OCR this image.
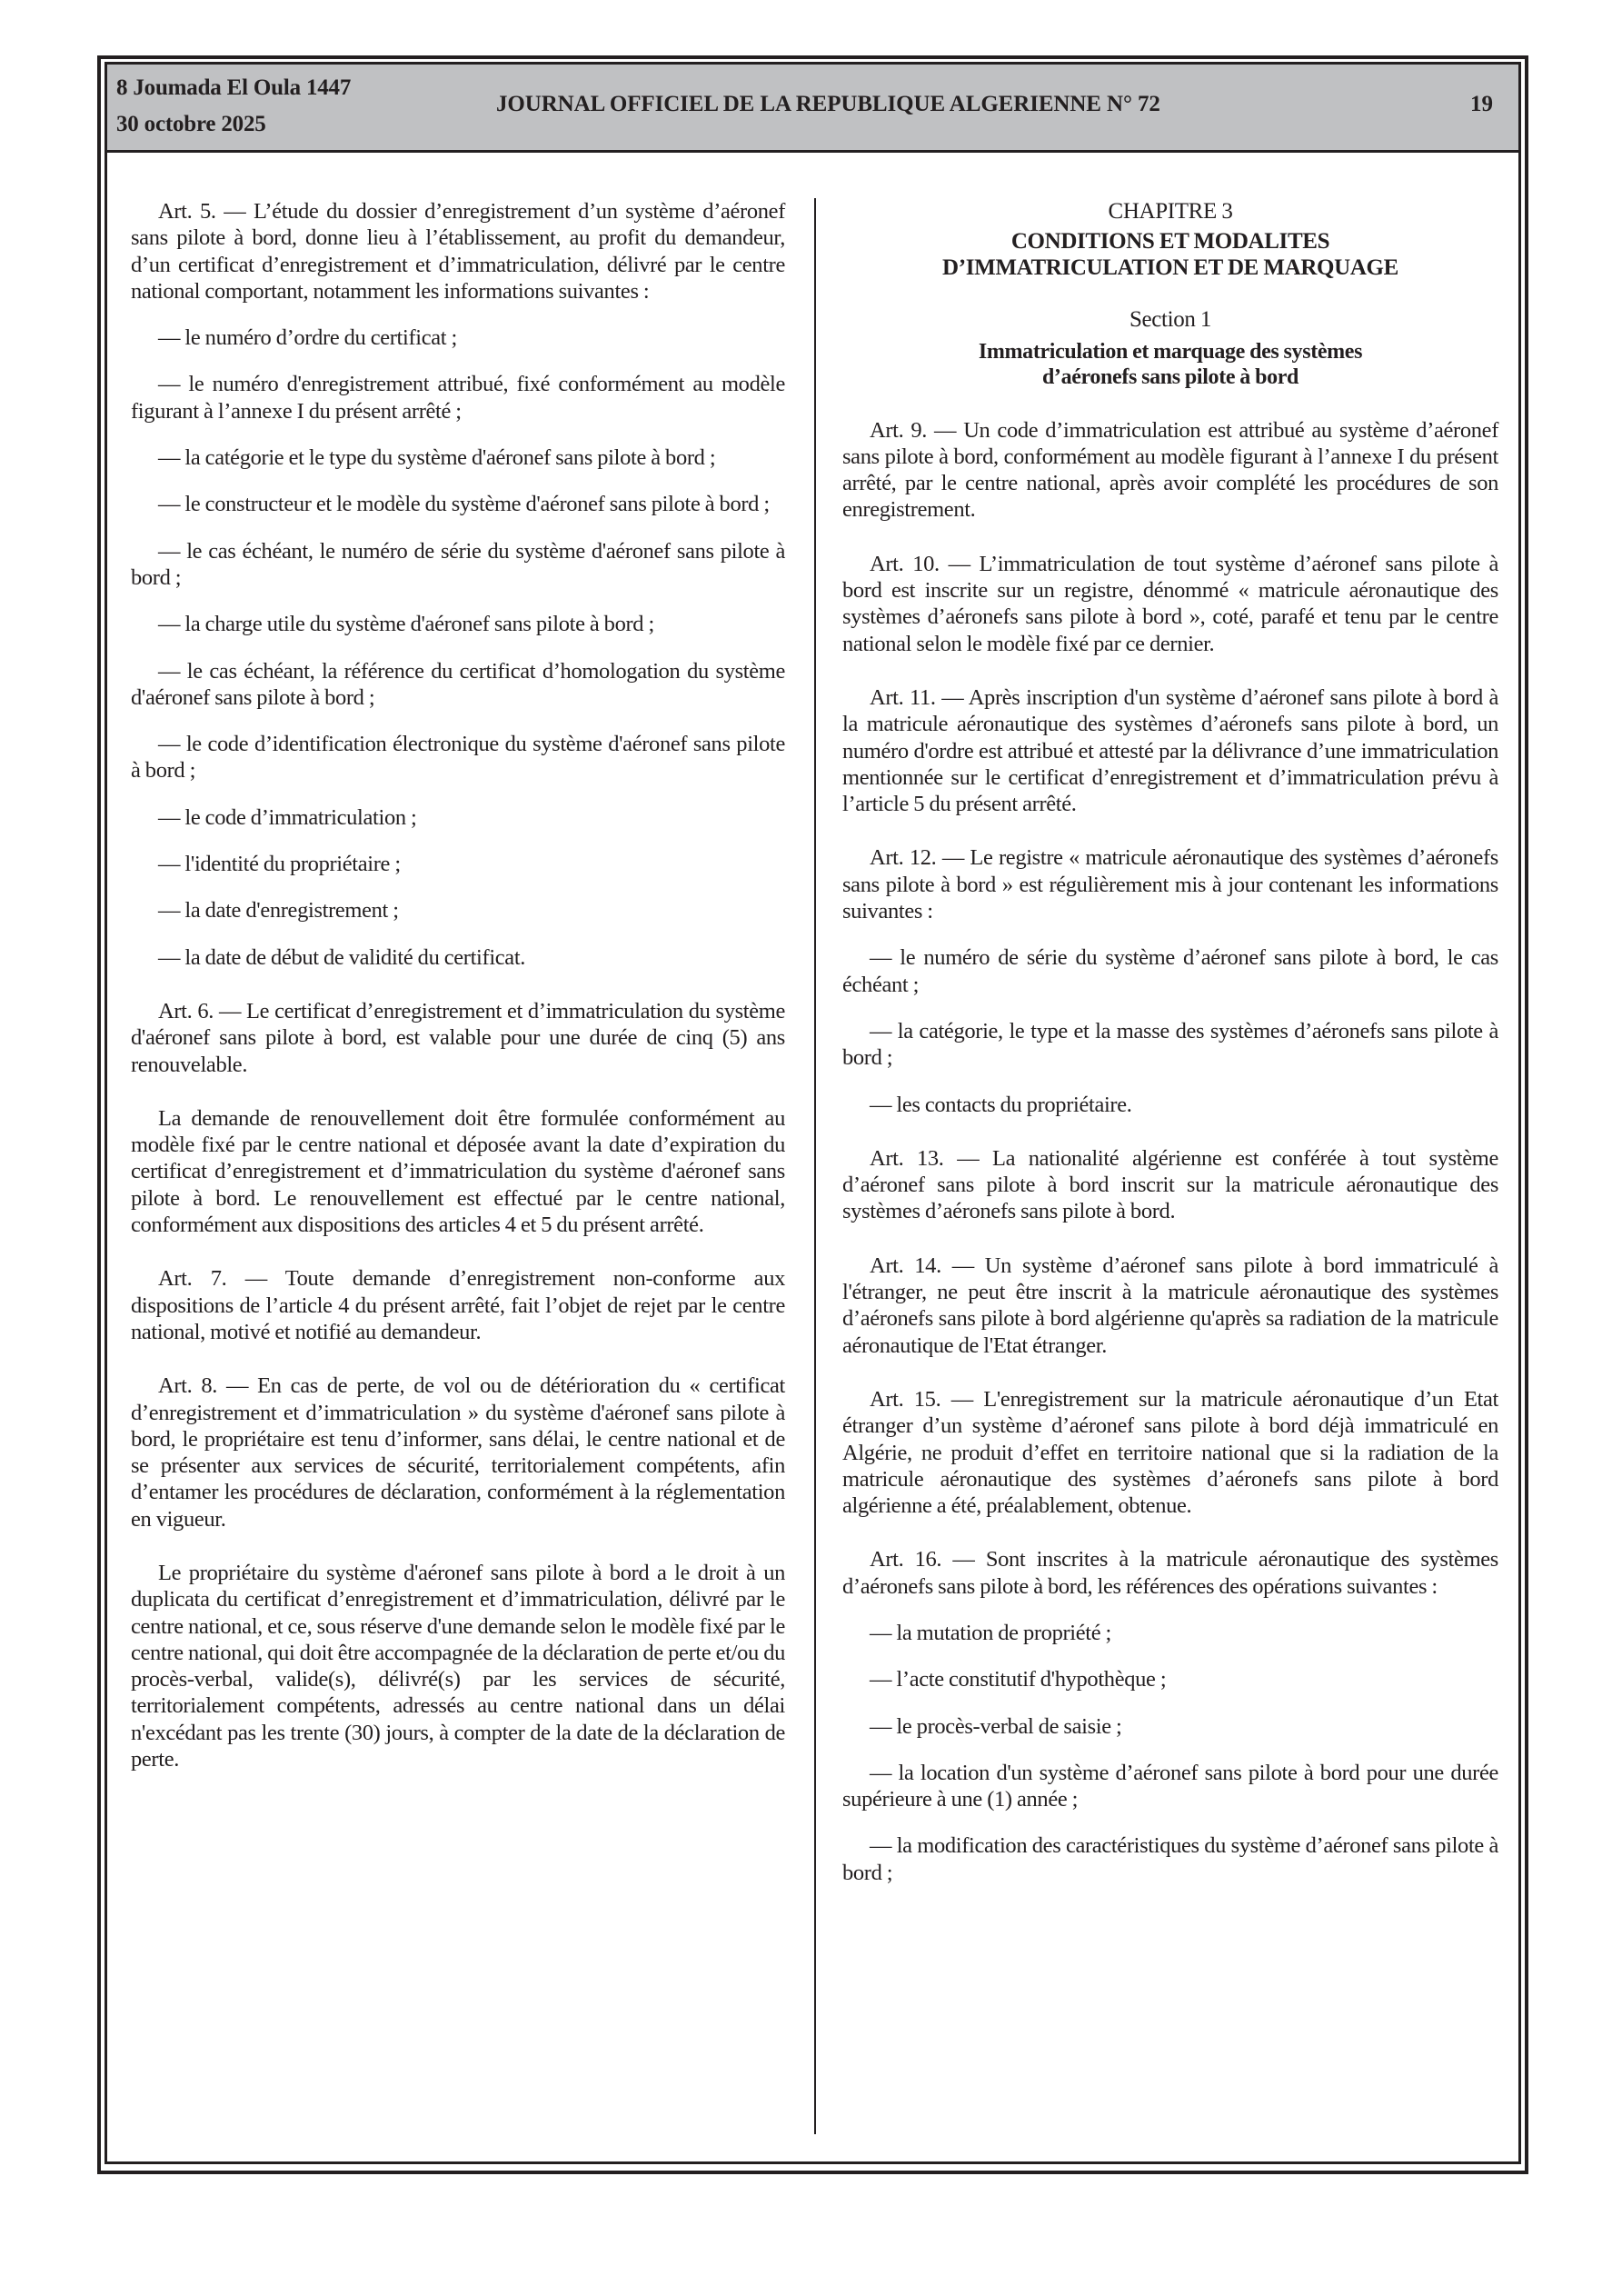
8 Joumada El Oula 1447
30 octobre 2025
JOURNAL OFFICIEL DE LA REPUBLIQUE ALGERIENNE N° 72	19

Art. 5. — L’étude du dossier d’enregistrement d’un système d’aéronef sans pilote à bord, donne lieu à l’établissement, au profit du demandeur, d’un certificat d’enregistrement et d’immatriculation, délivré par le centre national comportant, notamment les informations suivantes :

— le numéro d’ordre du certificat ;

— le numéro d'enregistrement attribué, fixé conformément au modèle figurant à l’annexe I du présent arrêté ;

— la catégorie et le type du système d'aéronef sans pilote à bord ;

— le constructeur et le modèle du système d'aéronef sans pilote à bord ;

— le cas échéant, le numéro de série du système d'aéronef sans pilote à bord ;

— la charge utile du système d'aéronef sans pilote à bord ;

— le cas échéant, la référence du certificat d’homologation du système d'aéronef sans pilote à bord ;

— le code d’identification électronique du système d'aéronef sans pilote à bord ;

— le code d’immatriculation ;

— l'identité du propriétaire ;

— la date d'enregistrement ;

— la date de début de validité du certificat.

Art. 6. — Le certificat d’enregistrement et d’immatriculation du système d'aéronef sans pilote à bord, est valable pour une durée de cinq (5) ans renouvelable.

La demande de renouvellement doit être formulée conformément au modèle fixé par le centre national et déposée avant la date d’expiration du certificat d’enregistrement et d’immatriculation du système d'aéronef sans pilote à bord. Le renouvellement est effectué par le centre national, conformément aux dispositions des articles 4 et 5 du présent arrêté.

Art. 7. — Toute demande d’enregistrement non-conforme aux dispositions de l’article 4 du présent arrêté, fait l’objet de rejet par le centre national, motivé et notifié au demandeur.

Art. 8. — En cas de perte, de vol ou de détérioration du « certificat d’enregistrement et d’immatriculation » du système d'aéronef sans pilote à bord, le propriétaire est tenu d’informer, sans délai, le centre national et de se présenter aux services de sécurité, territorialement compétents, afin d’entamer les procédures de déclaration, conformément à la réglementation en vigueur.

Le propriétaire du système d'aéronef sans pilote à bord a le droit à un duplicata du certificat d’enregistrement et d’immatriculation, délivré par le centre national, et ce, sous réserve d'une demande selon le modèle fixé par le centre national, qui doit être accompagnée de la déclaration de perte et/ou du procès-verbal, valide(s), délivré(s) par les services de sécurité, territorialement compétents, adressés au centre national dans un délai n'excédant pas les trente (30) jours, à compter de la date de la déclaration de perte.

CHAPITRE 3

CONDITIONS ET MODALITES

D’IMMATRICULATION ET DE MARQUAGE

Section 1

Immatriculation et marquage des systèmes

d’aéronefs sans pilote à bord

Art. 9. — Un code d’immatriculation est attribué au système d’aéronef sans pilote à bord, conformément au modèle figurant à l’annexe I du présent arrêté, par le centre national, après avoir complété les procédures de son enregistrement.

Art. 10. — L’immatriculation de tout système d’aéronef sans pilote à bord est inscrite sur un registre, dénommé « matricule aéronautique des systèmes d’aéronefs sans pilote à bord », coté, parafé et tenu par le centre national selon le modèle fixé par ce dernier.

Art. 11. — Après inscription d'un système d’aéronef sans pilote à bord à la matricule aéronautique des systèmes d’aéronefs sans pilote à bord, un numéro d'ordre est attribué et attesté par la délivrance d’une immatriculation mentionnée sur le certificat d’enregistrement et d’immatriculation prévu à l’article 5 du présent arrêté.

Art. 12. — Le registre « matricule aéronautique des systèmes d’aéronefs sans pilote à bord » est régulièrement mis à jour contenant les informations suivantes :

— le numéro de série du système d’aéronef sans pilote à bord, le cas échéant ;

— la catégorie, le type et la masse des systèmes d’aéronefs sans pilote à bord ;

— les contacts du propriétaire.

Art. 13. — La nationalité algérienne est conférée à tout système d’aéronef sans pilote à bord inscrit sur la matricule aéronautique des systèmes d’aéronefs sans pilote à bord.

Art. 14. — Un système d’aéronef sans pilote à bord immatriculé à l'étranger, ne peut être inscrit à la matricule aéronautique des systèmes d’aéronefs sans pilote à bord algérienne qu'après sa radiation de la matricule aéronautique de l'Etat étranger.

Art. 15. — L'enregistrement sur la matricule aéronautique d’un Etat étranger d’un système d’aéronef sans pilote à bord déjà immatriculé en Algérie, ne produit d’effet en territoire national que si la radiation de la matricule aéronautique des systèmes d’aéronefs sans pilote à bord algérienne a été, préalablement, obtenue.

Art. 16. — Sont inscrites à la matricule aéronautique des systèmes d’aéronefs sans pilote à bord, les références des opérations suivantes :

— la mutation de propriété ;

— l’acte constitutif d'hypothèque ;

— le procès-verbal de saisie ;

— la location d'un système d’aéronef sans pilote à bord pour une durée supérieure à une (1) année ;

— la modification des caractéristiques du système d’aéronef sans pilote à bord ;
